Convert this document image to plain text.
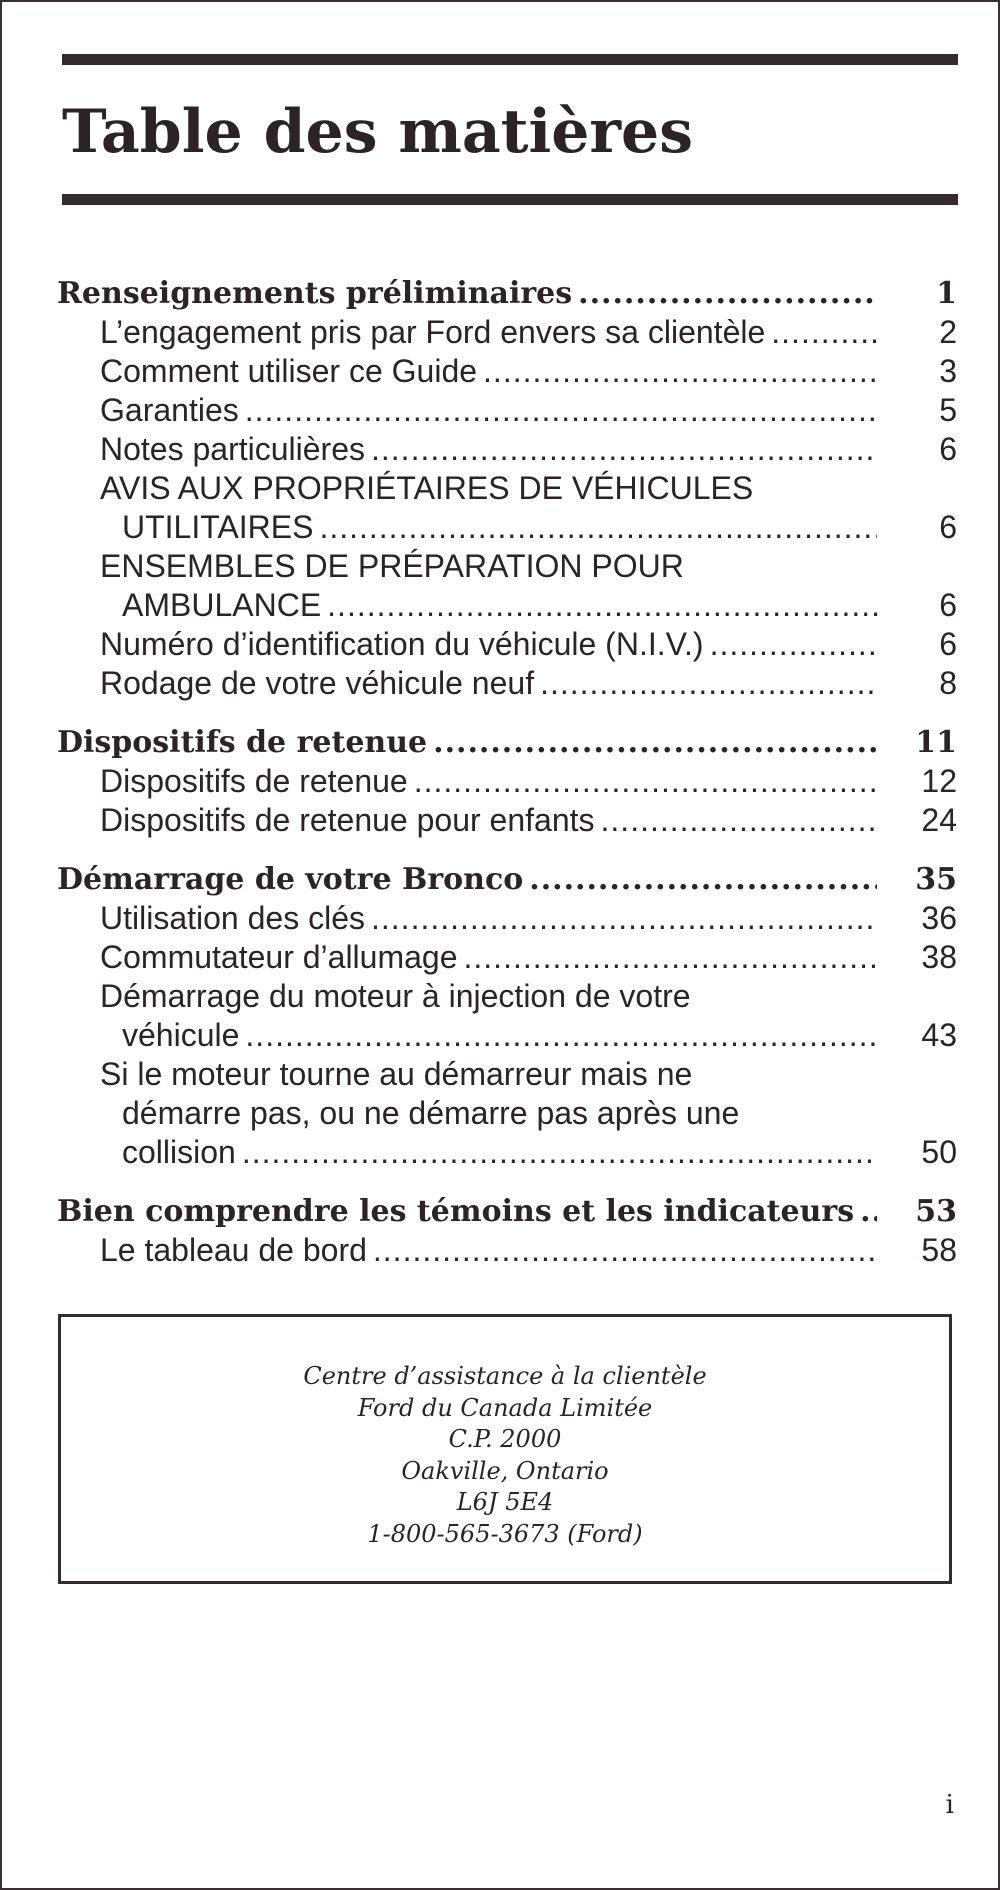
Table des matières
Renseignements préliminaires .....	1
L’engagement pris par Ford envers sa clientèle .....	2
Comment utiliser ce Guide .....	3
Garanties .....	5
Notes particulières .....	6
AVIS AUX PROPRIÉTAIRES DE VÉHICULES
UTILITAIRES .....	6
ENSEMBLES DE PRÉPARATION POUR
AMBULANCE .....	6
Numéro d’identification du véhicule (N.I.V.) .....	6
Rodage de votre véhicule neuf .....	8
Dispositifs de retenue .....	11
Dispositifs de retenue .....	12
Dispositifs de retenue pour enfants .....	24
Démarrage de votre Bronco .....	35
Utilisation des clés .....	36
Commutateur d’allumage .....	38
Démarrage du moteur à injection de votre
véhicule .....	43
Si le moteur tourne au démarreur mais ne
démarre pas, ou ne démarre pas après une
collision .....	50
Bien comprendre les témoins et les indicateurs .....	53
Le tableau de bord .....	58
Centre d’assistance à la clientèle
Ford du Canada Limitée
C.P. 2000
Oakville, Ontario
L6J 5E4
1-800-565-3673 (Ford)
i
